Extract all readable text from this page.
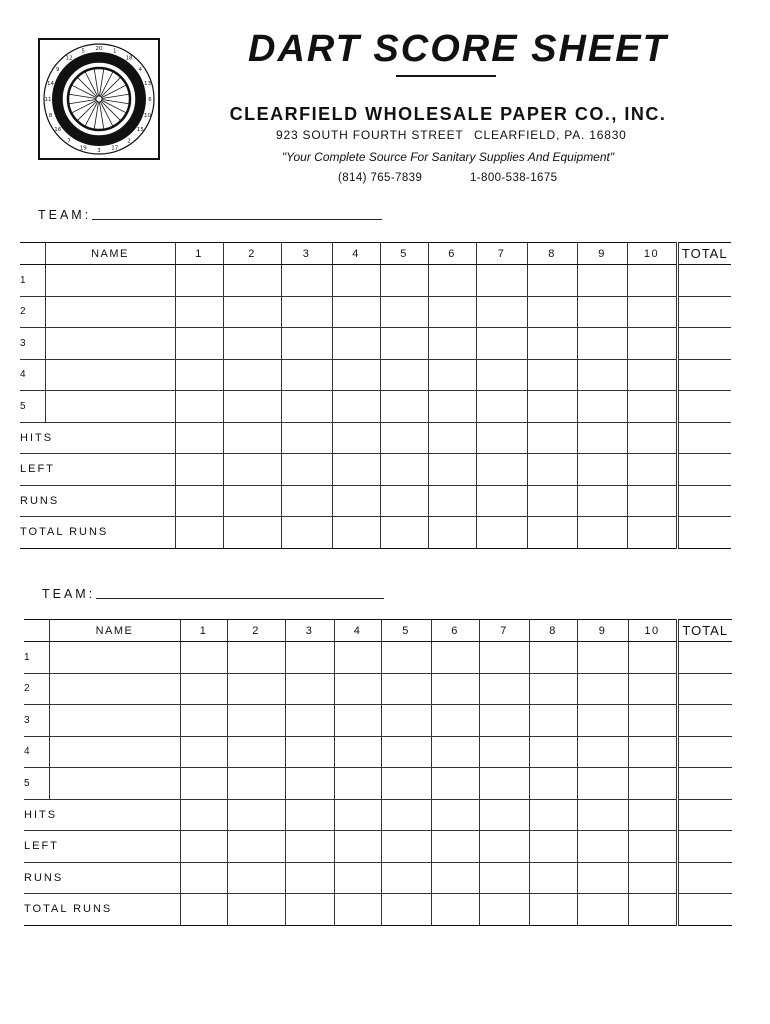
20 1
18
4
13
6
10
15
2
17
3
19
7
16
8
11
14
9
12
5	DART SCORE SHEET
CLEARFIELD WHOLESALE PAPER CO., INC.
923 SOUTH FOURTH STREET CLEARFIELD, PA. 16830
"Your Complete Source For Sanitary Supplies And Equipment"
(814) 765-7839	1-800-538-1675
TEAM:
	NAME	1	2	3	4	5	6	7	8	9	10	TOTAL
1												
2												
3												
4												
5												
HITS												
LEFT												
RUNS												
TOTAL RUNS												
TEAM:
	NAME	1	2	3	4	5	6	7	8	9	10	TOTAL
1												
2												
3												
4												
5												
HITS												
LEFT												
RUNS												
TOTAL RUNS												
